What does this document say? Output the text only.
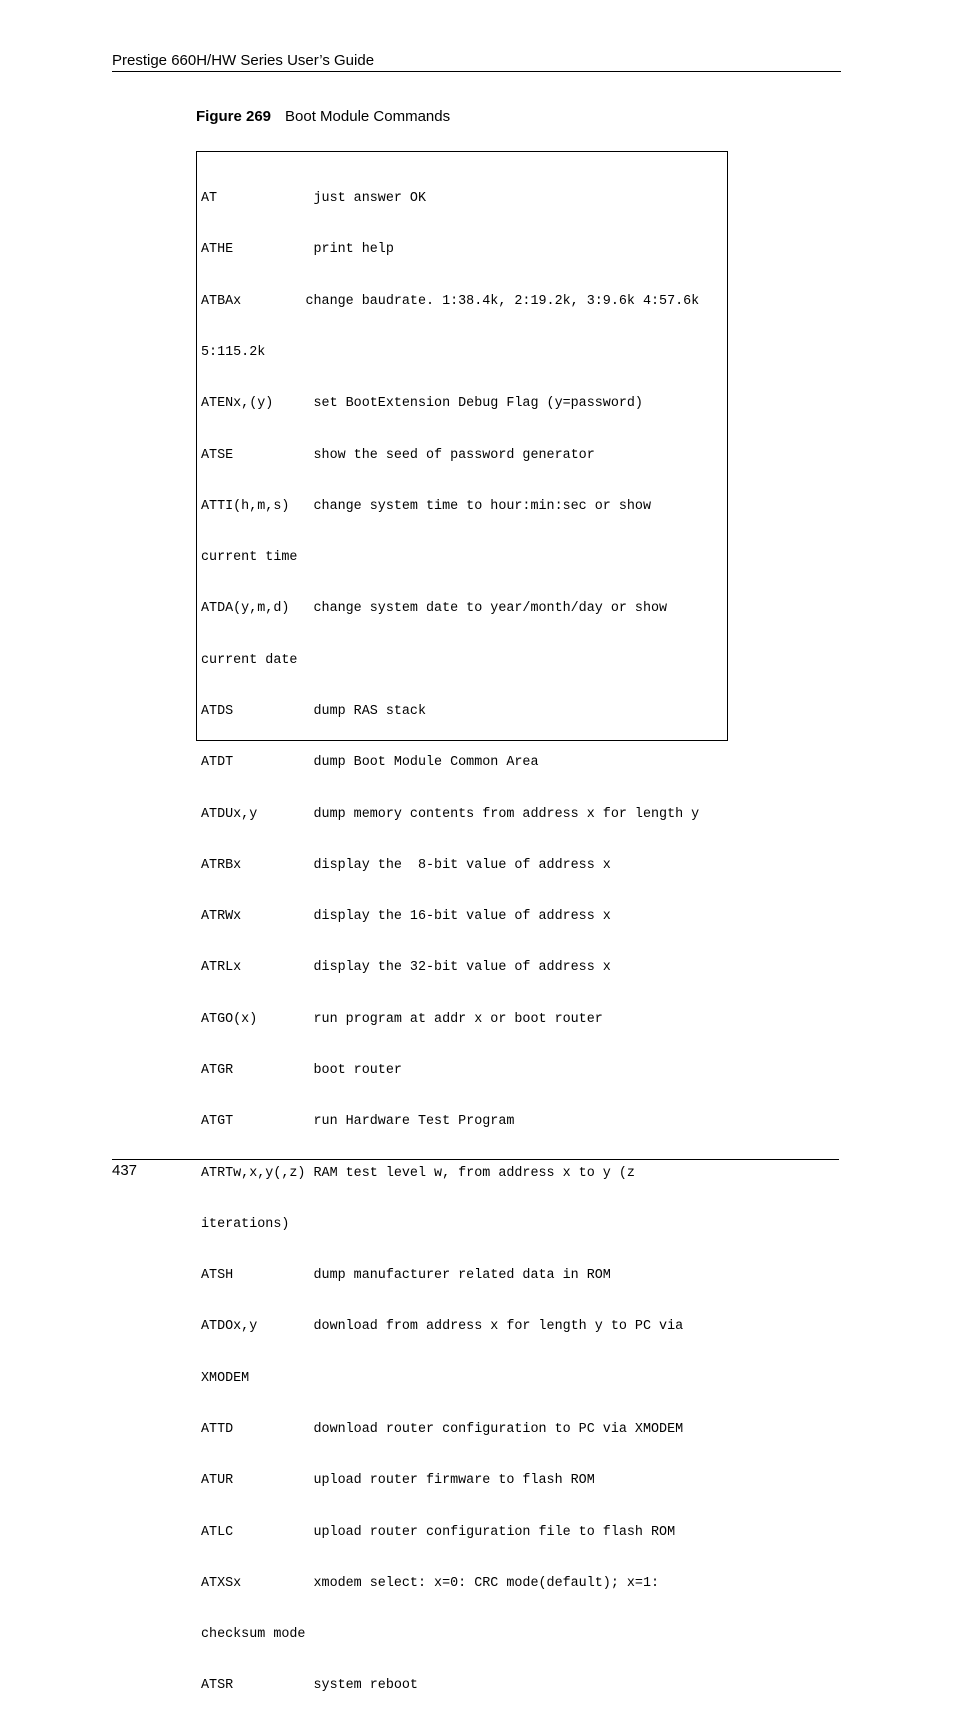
Prestige 660H/HW Series User’s Guide
Figure 269 Boot Module Commands

AT            just answer OK

ATHE          print help

ATBAx        change baudrate. 1:38.4k, 2:19.2k, 3:9.6k 4:57.6k

5:115.2k

ATENx,(y)     set BootExtension Debug Flag (y=password)

ATSE          show the seed of password generator

ATTI(h,m,s)   change system time to hour:min:sec or show

current time

ATDA(y,m,d)   change system date to year/month/day or show

current date

ATDS          dump RAS stack

ATDT          dump Boot Module Common Area

ATDUx,y       dump memory contents from address x for length y

ATRBx         display the  8-bit value of address x

ATRWx         display the 16-bit value of address x

ATRLx         display the 32-bit value of address x

ATGO(x)       run program at addr x or boot router

ATGR          boot router

ATGT          run Hardware Test Program

ATRTw,x,y(,z) RAM test level w, from address x to y (z

iterations)

ATSH          dump manufacturer related data in ROM

ATDOx,y       download from address x for length y to PC via

XMODEM

ATTD          download router configuration to PC via XMODEM

ATUR          upload router firmware to flash ROM

ATLC          upload router configuration file to flash ROM

ATXSx         xmodem select: x=0: CRC mode(default); x=1:

checksum mode

ATSR          system reboot

437
